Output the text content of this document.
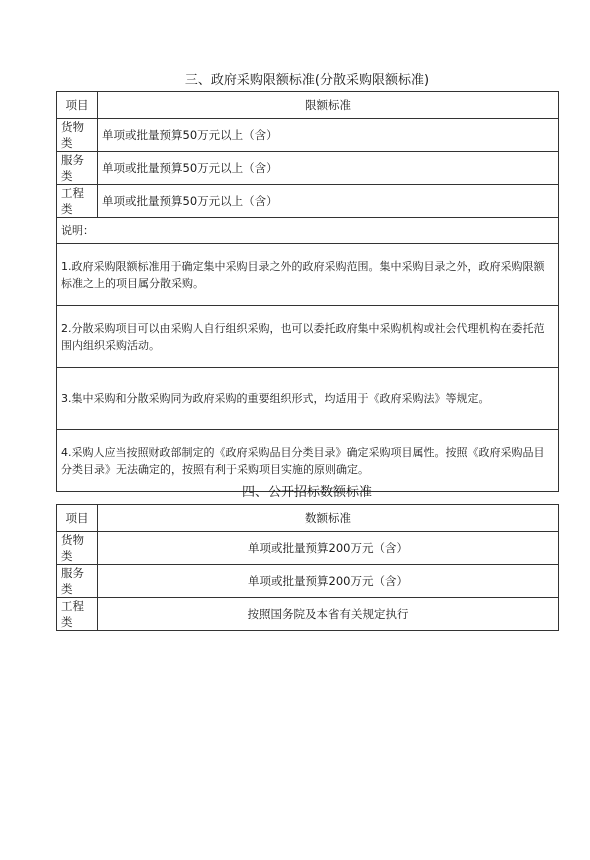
三、政府采购限额标准(分散采购限额标准)
项目	限额标准
货物类	单项或批量预算50万元以上（含）
服务类	单项或批量预算50万元以上（含）
工程类	单项或批量预算50万元以上（含）
说明：	
1.政府采购限额标准用于确定集中采购目录之外的政府采购范围。集中采购目录之外，政府采购限额标准之上的项目属分散采购。	
2.分散采购项目可以由采购人自行组织采购，也可以委托政府集中采购机构或社会代理机构在委托范围内组织采购活动。	
3.集中采购和分散采购同为政府采购的重要组织形式，均适用于《政府采购法》等规定。	
4.采购人应当按照财政部制定的《政府采购品目分类目录》确定采购项目属性。按照《政府采购品目分类目录》无法确定的，按照有利于采购项目实施的原则确定。	
四、公开招标数额标准
项目	数额标准
货物类	单项或批量预算200万元（含）
服务类	单项或批量预算200万元（含）
工程类	按照国务院及本省有关规定执行
